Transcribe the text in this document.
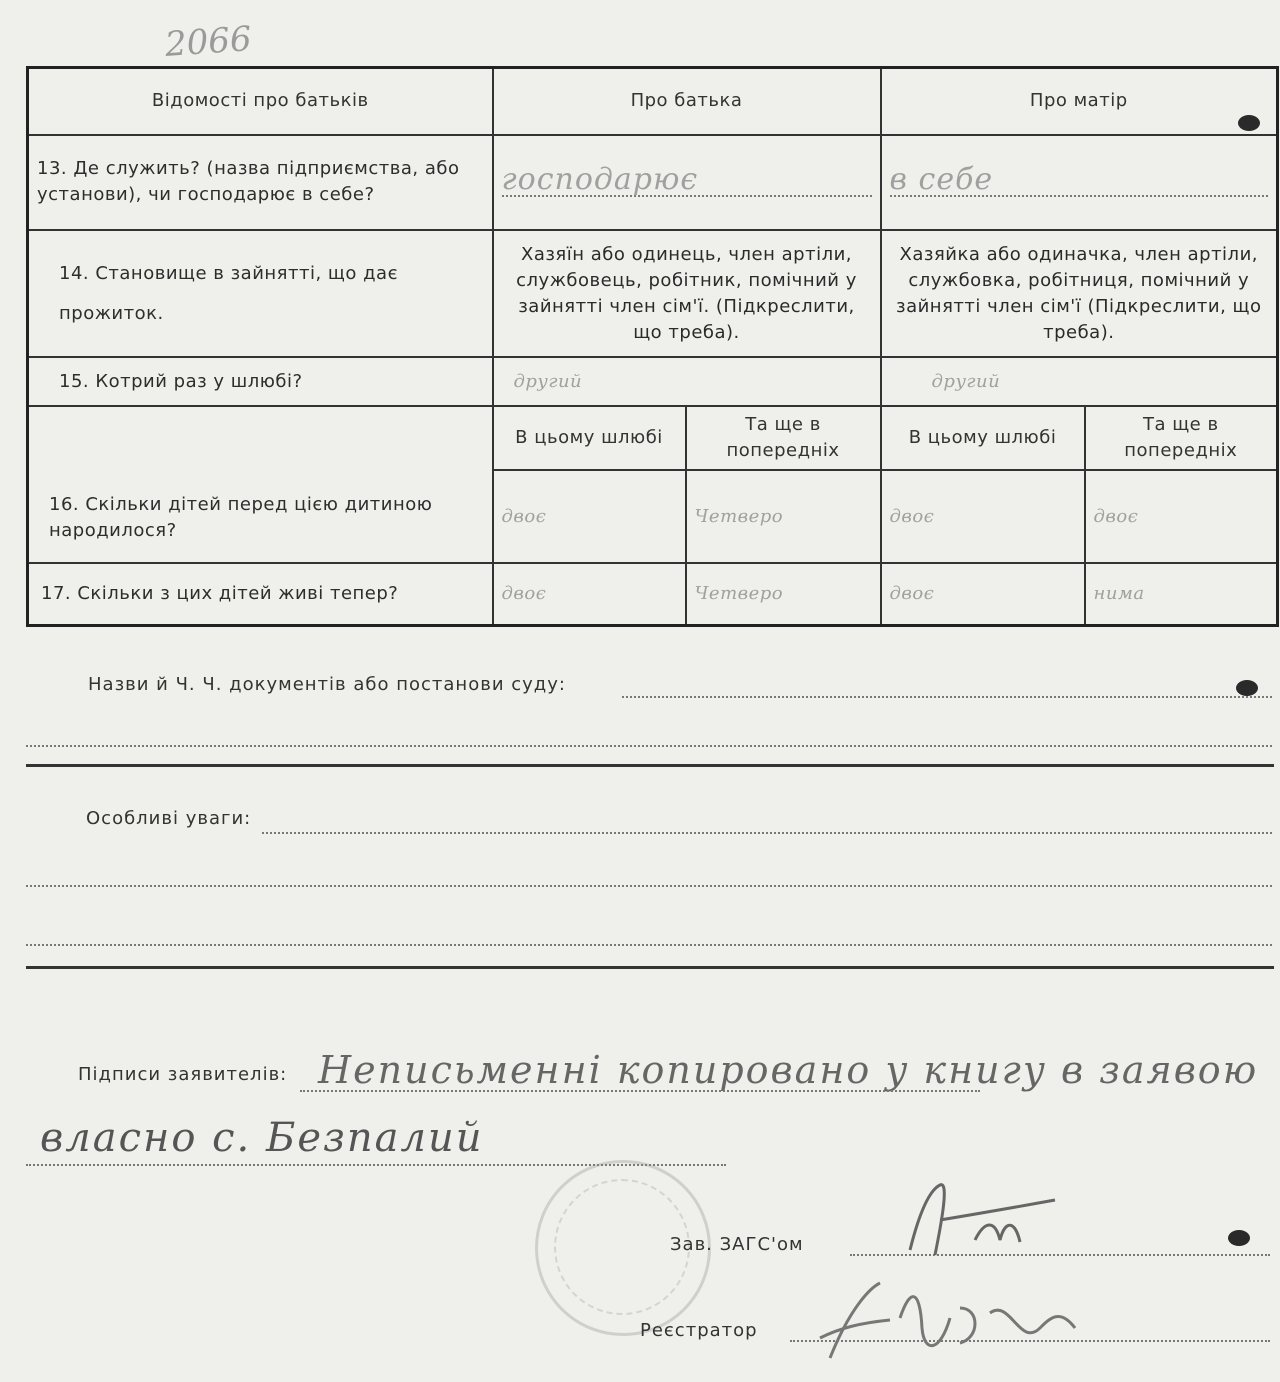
2066
Відомості про батьків	Про батька		Про матір	
13. Де служить? (назва підприємства, або установи), чи господарює в себе?	господарює		в себе	

14. Становище в зайнятті, що дає прожиток.	Хазяїн або одинець, член артіли, службовець, робітник, помічний у зайнятті член сім'ї. (Підкреслити, що треба).		Хазяйка або одиначка, член артіли, службовка, робітниця, помічний у зайнятті член сім'ї (Підкреслити, що треба).	
15. Котрий раз у шлюбі?	другий		другий	
16. Скільки дітей перед цією дитиною народилося?	В цьому шлюбі	Та ще в попередніх	В цьому шлюбі	Та ще в попередніх
	двоє	Четверо	двоє	двоє
17. Скільки з цих дітей живі тепер?	двоє	Четверо	двоє	нима
Назви й Ч. Ч. документів або постанови суду:
Особливі уваги:
Підписи заявителів: Неписьменні копировано у книгу в заявою
власно с. Безпалий
Зав. ЗАГС'ом
Реєстратор
